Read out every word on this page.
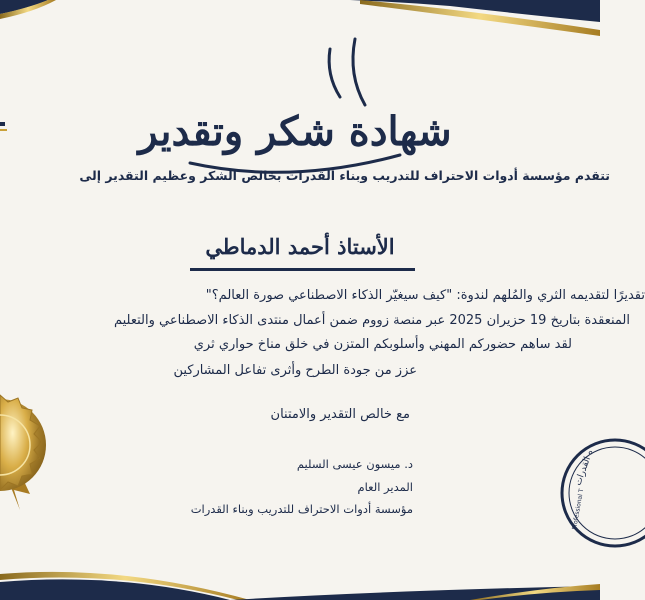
ه القدرات
Professional T
شهادة شكر وتقدير
تتقدم مؤسسة أدوات الاحتراف للتدريب وبناء القدرات بخالص الشكر وعظيم التقدير إلى
الأستاذ أحمد الدماطي
تقديرًا لتقديمه الثري والمُلهم لندوة: "كيف سيغيّر الذكاء الاصطناعي صورة العالم؟"
المنعقدة بتاريخ 19 حزيران 2025 عبر منصة زووم ضمن أعمال منتدى الذكاء الاصطناعي والتعليم
لقد ساهم حضوركم المهني وأسلوبكم المتزن في خلق مناخ حواري ثري
عزز من جودة الطرح وأثرى تفاعل المشاركين
مع خالص التقدير والامتنان
د. ميسون عيسى السليم
المدير العام
مؤسسة أدوات الاحتراف للتدريب وبناء القدرات
